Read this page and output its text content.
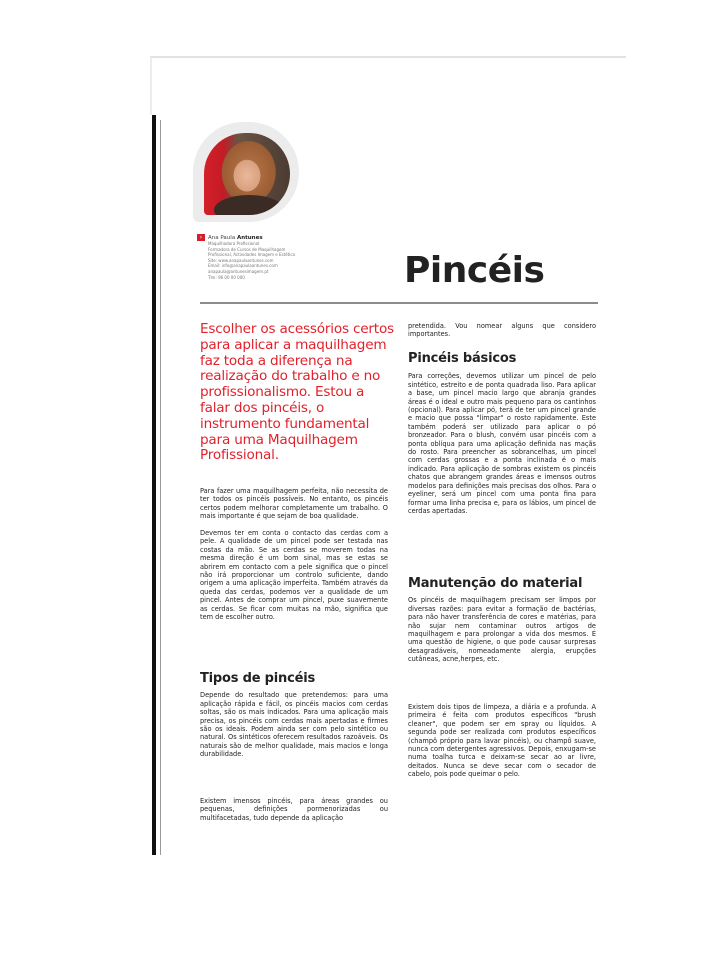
›	Ana Paula Antunes
Maquilhadora Profissional
Formadora de Cursos de Maquilhagem
Profissional, Actividades Imagem e Estética
Site: www.anapaulaantunes.com
Email: info@anapaulaantunes.com
anapaula@antunesimagem.pt
Tlm: 96 00 00 000	Pincéis
Escolher os acessórios certos para aplicar a maquilhagem faz toda a diferença na realização do trabalho e no profissionalismo. Estou a falar dos pincéis, o instrumento fundamental para uma Maquilhagem Profissional.

Para fazer uma maquilhagem perfeita, não necessita de ter todos os pincéis possíveis. No entanto, os pincéis certos podem melhorar completamente um trabalho. O mais importante é que sejam de boa qualidade.

Devemos ter em conta o contacto das cerdas com a pele. A qualidade de um pincel pode ser testada nas costas da mão. Se as cerdas se moverem todas na mesma direção é um bom sinal, mas se estas se abrirem em contacto com a pele significa que o pincel não irá proporcionar um controlo suficiente, dando origem a uma aplicação imperfeita. Também através da queda das cerdas, podemos ver a qualidade de um pincel. Antes de comprar um pincel, puxe suavemente as cerdas. Se ficar com muitas na mão, significa que tem de escolher outro.

Tipos de pincéis

Depende do resultado que pretendemos: para uma aplicação rápida e fácil, os pincéis macios com cerdas soltas, são os mais indicados. Para uma aplicação mais precisa, os pincéis com cerdas mais apertadas e firmes são os ideais. Podem ainda ser com pelo sintético ou natural. Os sintéticos oferecem resultados razoáveis. Os naturais são de melhor qualidade, mais macios e longa durabilidade.

Existem imensos pincéis, para áreas grandes ou pequenas, definições pormenorizadas ou multifacetadas, tudo depende da aplicação

pretendida. Vou nomear alguns que considero importantes.

Pincéis básicos

Para correções, devemos utilizar um pincel de pelo sintético, estreito e de ponta quadrada liso. Para aplicar a base, um pincel macio largo que abranja grandes áreas é o ideal e outro mais pequeno para os cantinhos (opcional). Para aplicar pó, terá de ter um pincel grande e macio que possa "limpar" o rosto rapidamente. Este também poderá ser utilizado para aplicar o pó bronzeador. Para o blush, convém usar pincéis com a ponta oblíqua para uma aplicação definida nas maçãs do rosto. Para preencher as sobrancelhas, um pincel com cerdas grossas e a ponta inclinada é o mais indicado. Para aplicação de sombras existem os pincéis chatos que abrangem grandes áreas e imensos outros modelos para definições mais precisas dos olhos. Para o eyeliner, será um pincel com uma ponta fina para formar uma linha precisa e, para os lábios, um pincel de cerdas apertadas.

Manutenção do material

Os pincéis de maquilhagem precisam ser limpos por diversas razões: para evitar a formação de bactérias, para não haver transferência de cores e matérias, para não sujar nem contaminar outros artigos de maquilhagem e para prolongar a vida dos mesmos. É uma questão de higiene, o que pode causar surpresas desagradáveis, nomeadamente alergia, erupções cutâneas, acne,herpes, etc.

Existem dois tipos de limpeza, a diária e a profunda. A primeira é feita com produtos específicos "brush cleaner", que podem ser em spray ou líquidos. A segunda pode ser realizada com produtos específicos (champô próprio para lavar pincéis), ou champô suave, nunca com detergentes agressivos. Depois, enxugam-se numa toalha turca e deixam-se secar ao ar livre, deitados. Nunca se deve secar com o secador de cabelo, pois pode queimar o pelo.
